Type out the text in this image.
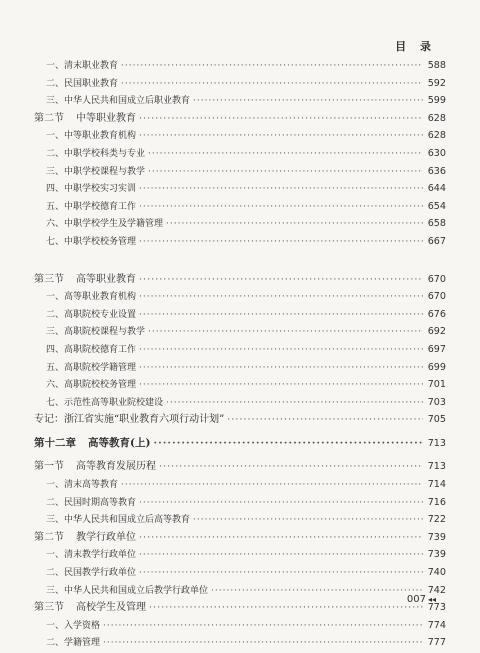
目 录
一、清末职业教育 ·····	588
二、民国职业教育 ·····	592
三、中华人民共和国成立后职业教育 ·····	599
第二节 中等职业教育 ·····	628
一、中等职业教育机构 ·····	628
二、中职学校科类与专业 ·····	630
三、中职学校课程与教学 ·····	636
四、中职学校实习实训 ·····	644
五、中职学校德育工作 ·····	654
六、中职学校学生及学籍管理 ·····	658
七、中职学校校务管理 ·····	667
第三节 高等职业教育 ·····	670
一、高等职业教育机构 ·····	670
二、高职院校专业设置 ·····	676
三、高职院校课程与教学 ·····	692
四、高职院校德育工作 ·····	697
五、高职院校学籍管理 ·····	699
六、高职院校校务管理 ·····	701
七、示范性高等职业院校建设 ·····	703
专记：浙江省实施“职业教育六项行动计划” ·····	705
第十二章 高等教育(上) ·····	713
第一节 高等教育发展历程 ·····	713
一、清末高等教育 ·····	714
二、民国时期高等教育 ·····	716
三、中华人民共和国成立后高等教育 ·····	722
第二节 教学行政单位 ·····	739
一、清末教学行政单位 ·····	739
二、民国教学行政单位 ·····	740
三、中华人民共和国成立后教学行政单位 ·····	742
第三节 高校学生及管理 ·····	773
一、入学资格 ·····	774
二、学籍管理 ·····	777
007 ◂◂
